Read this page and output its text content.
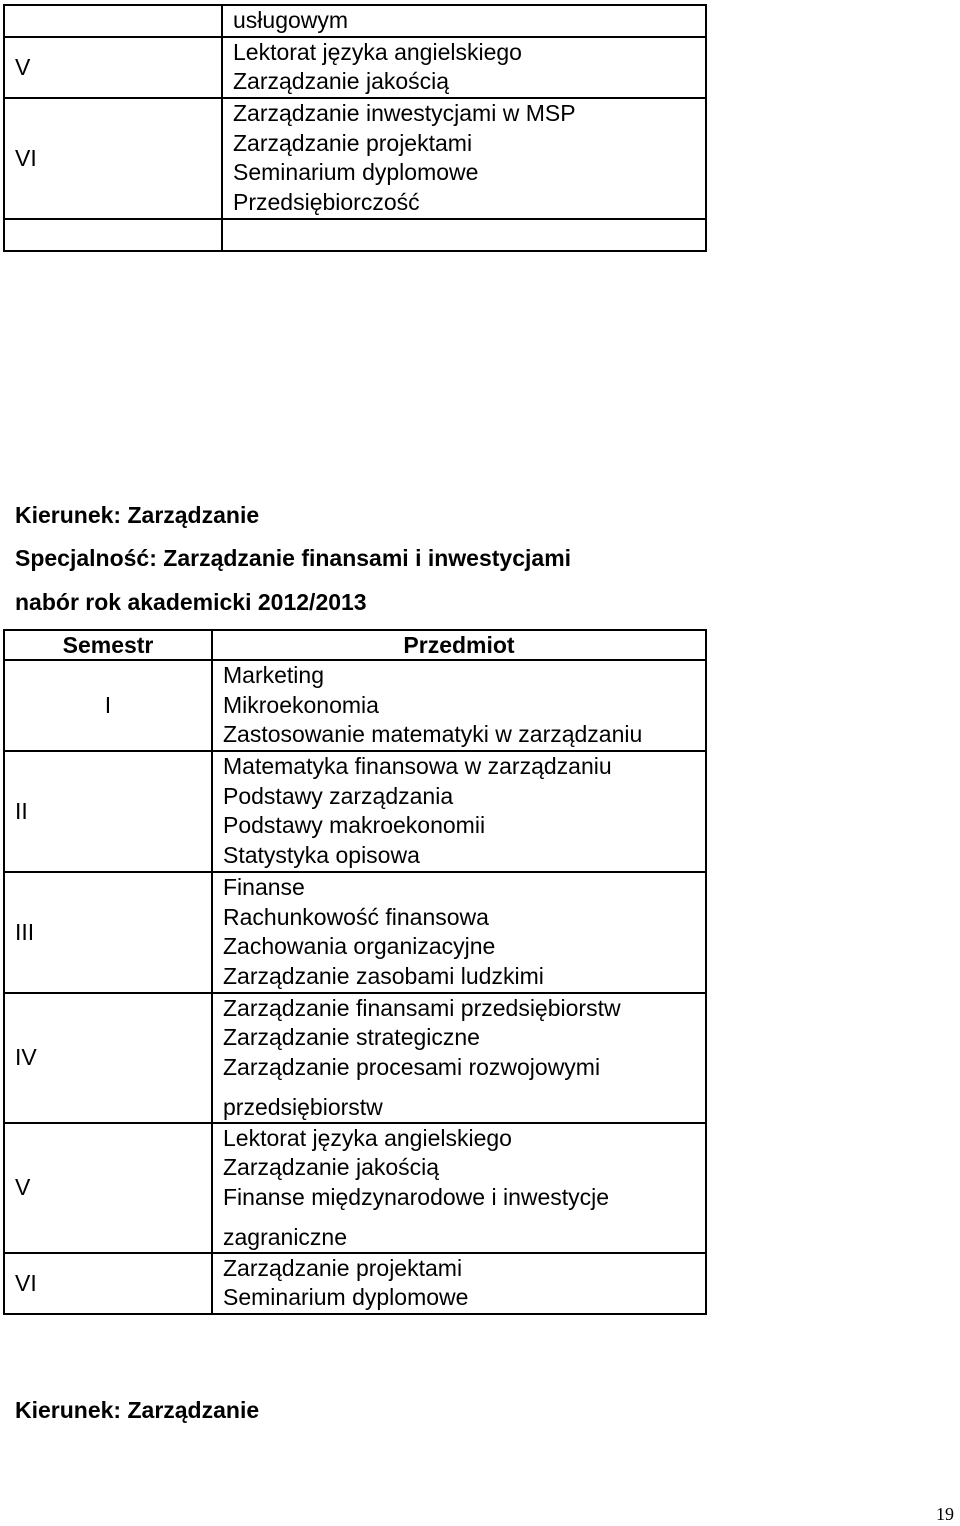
	usługowym

V	Lektorat języka angielskiego
Zarządzanie jakością

VI	Zarządzanie inwestycjami w MSP
Zarządzanie projektami
Seminarium dyplomowe
Przedsiębiorczość

Kierunek: Zarządzanie
Specjalność: Zarządzanie finansami i inwestycjami
nabór rok akademicki 2012/2013
Semestr	Przedmiot
I	Marketing
Mikroekonomia
Zastosowanie matematyki w zarządzaniu

II	Matematyka finansowa w zarządzaniu
Podstawy zarządzania
Podstawy makroekonomii
Statystyka opisowa

III	Finanse
Rachunkowość finansowa
Zachowania organizacyjne
Zarządzanie zasobami ludzkimi

IV	Zarządzanie finansami przedsiębiorstw
Zarządzanie strategiczne
Zarządzanie procesami rozwojowymi
przedsiębiorstw

V	Lektorat języka angielskiego
Zarządzanie jakością
Finanse międzynarodowe i inwestycje
zagraniczne

VI	Zarządzanie projektami
Seminarium dyplomowe
Kierunek: Zarządzanie
19
